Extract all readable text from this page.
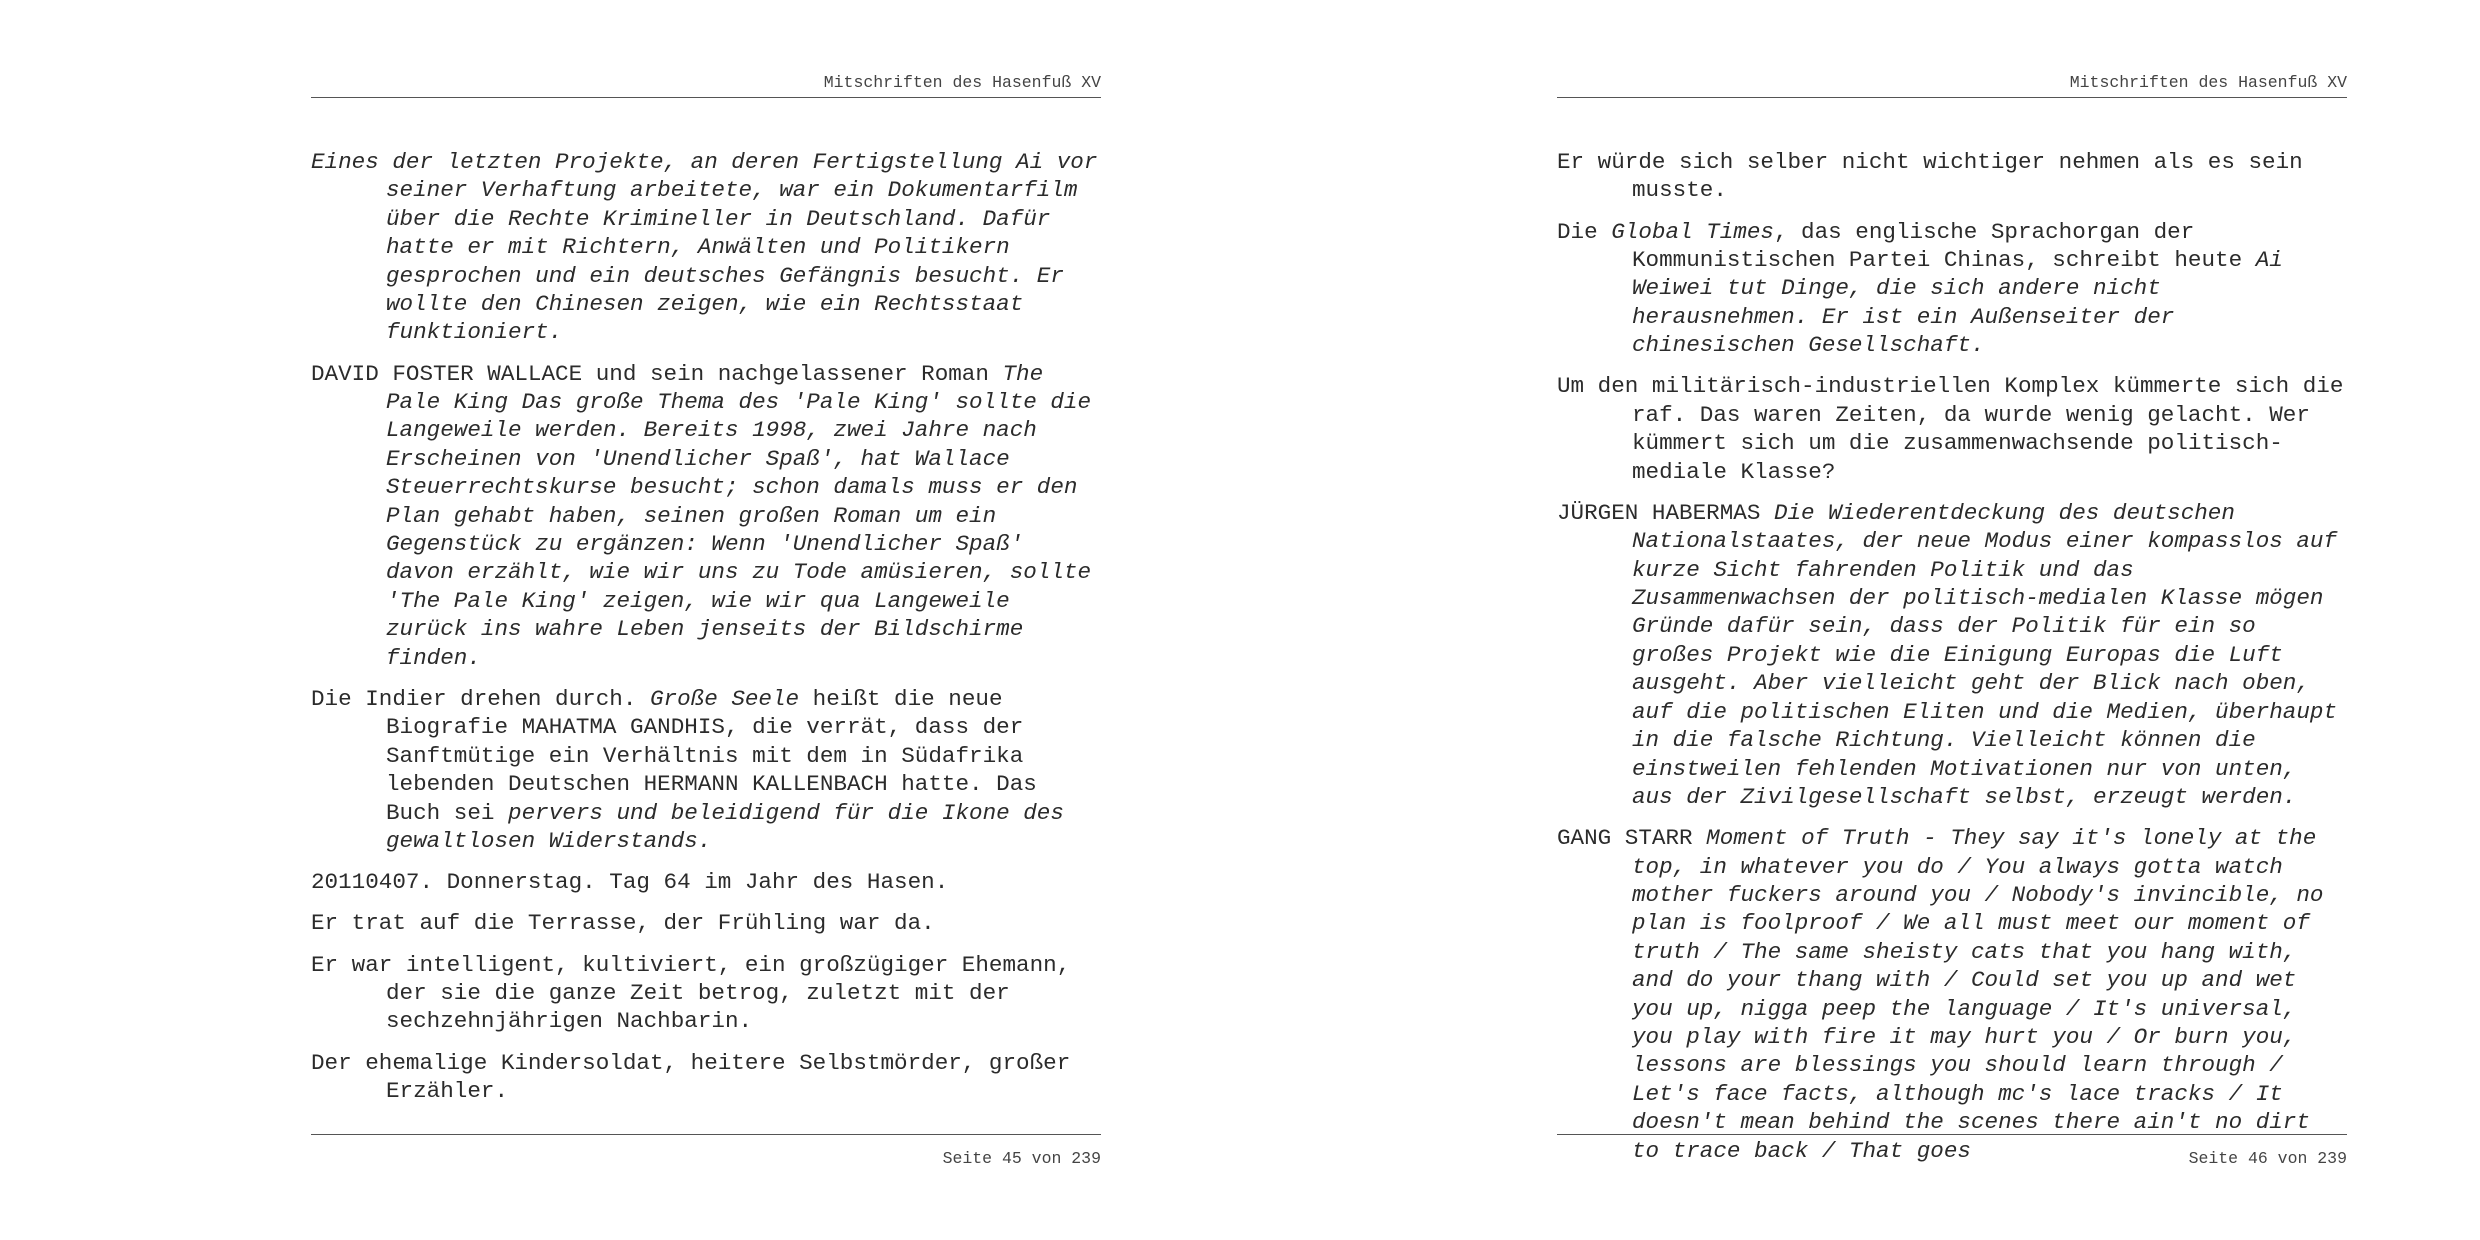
Mitschriften des Hasenfuß XV

Eines der letzten Projekte, an deren Fertigstellung Ai vor seiner Verhaftung arbeitete, war ein Dokumentarfilm über die Rechte Krimineller in Deutschland. Dafür hatte er mit Richtern, Anwälten und Politikern gesprochen und ein deutsches Gefängnis besucht. Er wollte den Chinesen zeigen, wie ein Rechtsstaat funktioniert.

DAVID FOSTER WALLACE und sein nachgelassener Roman The Pale King Das große Thema des 'Pale King' sollte die Langeweile werden. Bereits 1998, zwei Jahre nach Erscheinen von 'Unendlicher Spaß', hat Wallace Steuerrechtskurse besucht; schon damals muss er den Plan gehabt haben, seinen großen Roman um ein Gegenstück zu ergänzen: Wenn 'Unendlicher Spaß' davon erzählt, wie wir uns zu Tode amüsieren, sollte 'The Pale King' zeigen, wie wir qua Langeweile zurück ins wahre Leben jenseits der Bildschirme finden.

Die Indier drehen durch. Große Seele heißt die neue Biografie MAHATMA GANDHIS, die verrät, dass der Sanftmütige ein Verhältnis mit dem in Südafrika lebenden Deutschen HERMANN KALLENBACH hatte. Das Buch sei pervers und beleidigend für die Ikone des gewaltlosen Widerstands.

20110407. Donnerstag. Tag 64 im Jahr des Hasen.

Er trat auf die Terrasse, der Frühling war da.

Er war intelligent, kultiviert, ein großzügiger Ehemann, der sie die ganze Zeit betrog, zuletzt mit der sechzehnjährigen Nachbarin.

Der ehemalige Kindersoldat, heitere Selbstmörder, großer Erzähler.

Seite 45 von 239
Mitschriften des Hasenfuß XV

Er würde sich selber nicht wichtiger nehmen als es sein musste.

Die Global Times, das englische Sprachorgan der Kommunistischen Partei Chinas, schreibt heute Ai Weiwei tut Dinge, die sich andere nicht herausnehmen. Er ist ein Außenseiter der chinesischen Gesellschaft.

Um den militärisch-industriellen Komplex kümmerte sich die raf. Das waren Zeiten, da wurde wenig gelacht. Wer kümmert sich um die zusammenwachsende politisch-mediale Klasse?

JÜRGEN HABERMAS Die Wiederentdeckung des deutschen Nationalstaates, der neue Modus einer kompasslos auf kurze Sicht fahrenden Politik und das Zusammenwachsen der politisch-medialen Klasse mögen Gründe dafür sein, dass der Politik für ein so großes Projekt wie die Einigung Europas die Luft ausgeht. Aber vielleicht geht der Blick nach oben, auf die politischen Eliten und die Medien, überhaupt in die falsche Richtung. Vielleicht können die einstweilen fehlenden Motivationen nur von unten, aus der Zivilgesellschaft selbst, erzeugt werden.

GANG STARR Moment of Truth - They say it's lonely at the top, in whatever you do / You always gotta watch mother fuckers around you / Nobody's invincible, no plan is foolproof / We all must meet our moment of truth / The same sheisty cats that you hang with, and do your thang with / Could set you up and wet you up, nigga peep the language / It's universal, you play with fire it may hurt you / Or burn you, lessons are blessings you should learn through / Let's face facts, although mc's lace tracks / It doesn't mean behind the scenes there ain't no dirt to trace back / That goes	Seite 46 von 239
